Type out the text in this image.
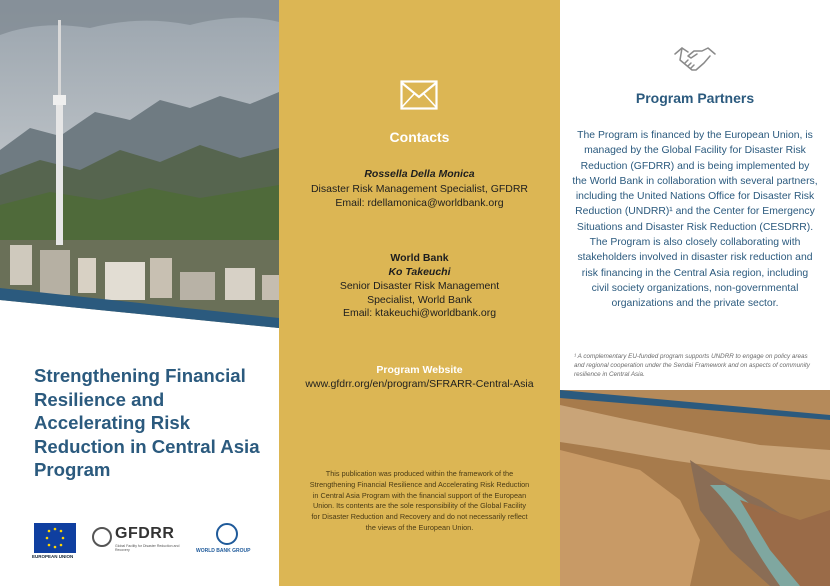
Strengthening Financial Resilience and Accelerating Risk Reduction in Central Asia Program
EUROPEAN UNION
GFDRR
Global Facility for Disaster Reduction and Recovery	WORLD BANK GROUP
Contacts
Rossella Della Monica
Disaster Risk Management Specialist, GFDRR
Email: rdellamonica@worldbank.org
World Bank
Ko Takeuchi
Senior Disaster Risk Management
Specialist, World Bank
Email: ktakeuchi@worldbank.org
Program Website
www.gfdrr.org/en/program/SFRARR-Central-Asia
This publication was produced within the framework of the Strengthening Financial Resilience and Accelerating Risk Reduction in Central Asia Program with the financial support of the European Union. Its contents are the sole responsibility of the Global Facility for Disaster Reduction and Recovery and do not necessarily reflect the views of the European Union.
Program Partners
The Program is financed by the European Union, is managed by the Global Facility for Disaster Risk Reduction (GFDRR) and is being implemented by the World Bank in collaboration with several partners, including the United Nations Office for Disaster Risk Reduction (UNDRR)¹ and the Center for Emergency Situations and Disaster Risk Reduction (CESDRR). The Program is also closely collaborating with stakeholders involved in disaster risk reduction and risk financing in the Central Asia region, including civil society organizations, non-governmental organizations and the private sector.
¹ A complementary EU-funded program supports UNDRR to engage on policy areas and regional cooperation under the Sendai Framework and on aspects of community resilience in Central Asia.
